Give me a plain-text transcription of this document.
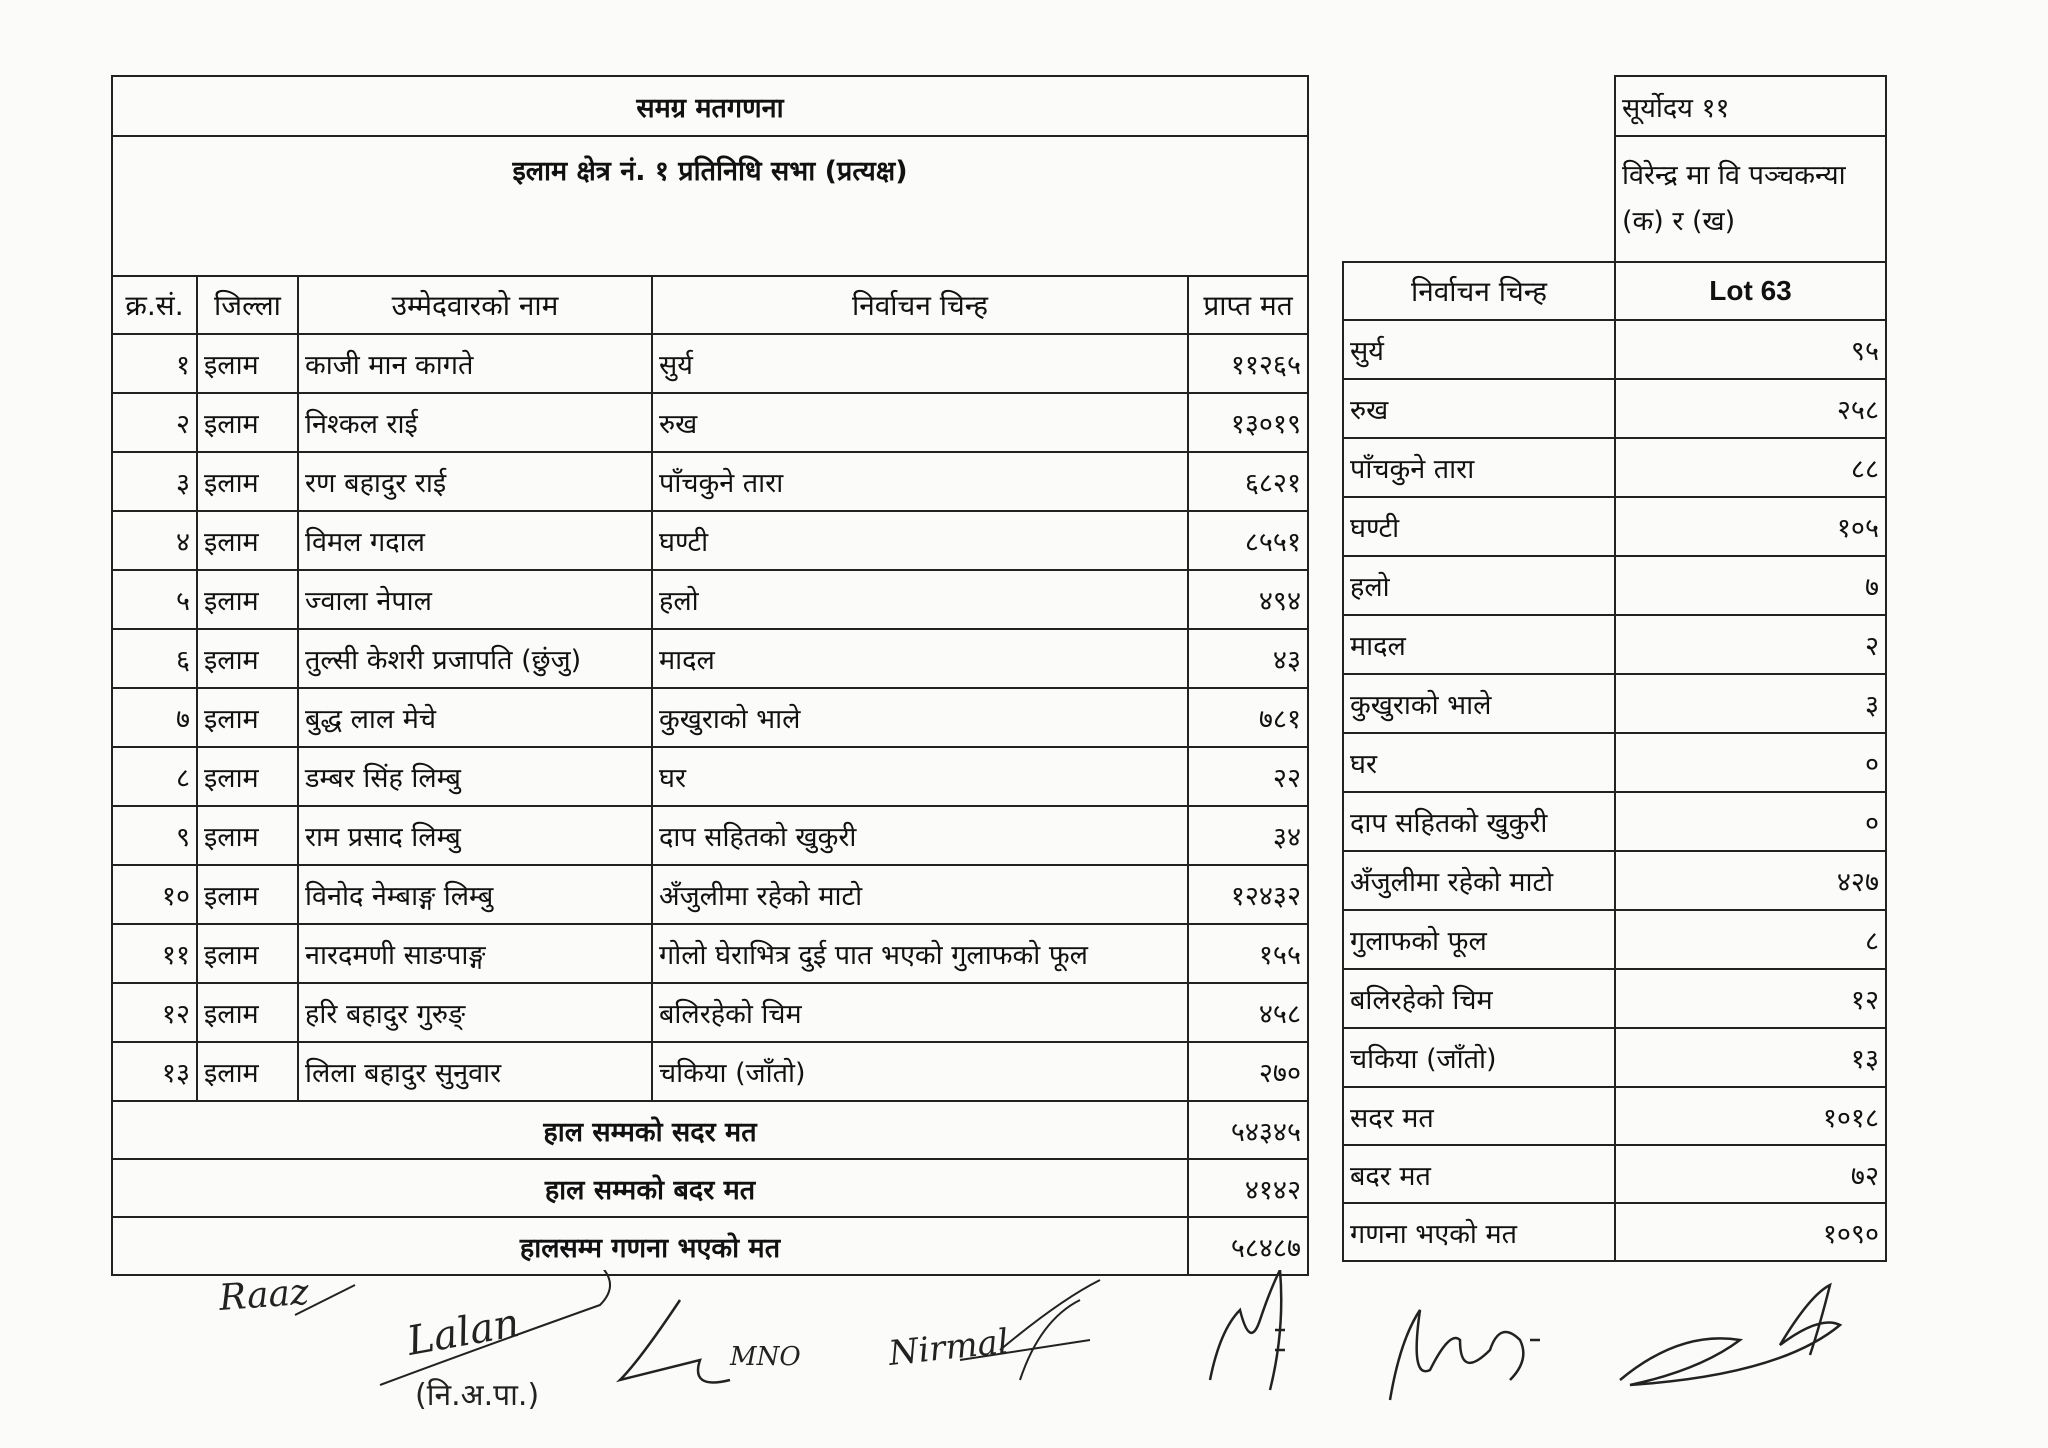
समग्र मतगणना				
इलाम क्षेत्र नं. १ प्रतिनिधि सभा (प्रत्यक्ष)				
क्र.सं.	जिल्ला	उम्मेदवारको नाम	निर्वाचन चिन्ह	प्राप्त मत
१	इलाम	काजी मान कागते	सुर्य	११२६५
२	इलाम	निश्कल राई	रुख	१३०१९
३	इलाम	रण बहादुर राई	पाँचकुने तारा	६८२१
४	इलाम	विमल गदाल	घण्टी	८५५१
५	इलाम	ज्वाला नेपाल	हलो	४९४
६	इलाम	तुल्सी केशरी प्रजापति (छुंजु)	मादल	४३
७	इलाम	बुद्ध लाल मेचे	कुखुराको भाले	७८१
८	इलाम	डम्बर सिंह लिम्बु	घर	२२
९	इलाम	राम प्रसाद लिम्बु	दाप सहितको खुकुरी	३४
१०	इलाम	विनोद नेम्बाङ्ग लिम्बु	अँजुलीमा रहेको माटो	१२४३२
११	इलाम	नारदमणी साङपाङ्ग	गोलो घेराभित्र दुई पात भएको गुलाफको फूल	१५५
१२	इलाम	हरि बहादुर गुरुङ्	बलिरहेको चिम	४५८
१३	इलाम	लिला बहादुर सुनुवार	चकिया (जाँतो)	२७०
हाल सम्मको सदर मत				५४३४५
हाल सम्मको बदर मत				४१४२
हालसम्म गणना भएको मत				५८४८७
	सूर्योदय ११
	विरेन्द्र मा वि पञ्चकन्या (क) र (ख)
निर्वाचन चिन्ह	Lot 63
सुर्य	९५
रुख	२५८
पाँचकुने तारा	८८
घण्टी	१०५
हलो	७
मादल	२
कुखुराको भाले	३
घर	०
दाप सहितको खुकुरी	०
अँजुलीमा रहेको माटो	४२७
गुलाफको फूल	८
बलिरहेको चिम	१२
चकिया (जाँतो)	१३
सदर मत	१०१८
बदर मत	७२
गणना भएको मत	१०९०
Raaz
Lalan
(नि.अ.पा.)
MNO	Nirmal
